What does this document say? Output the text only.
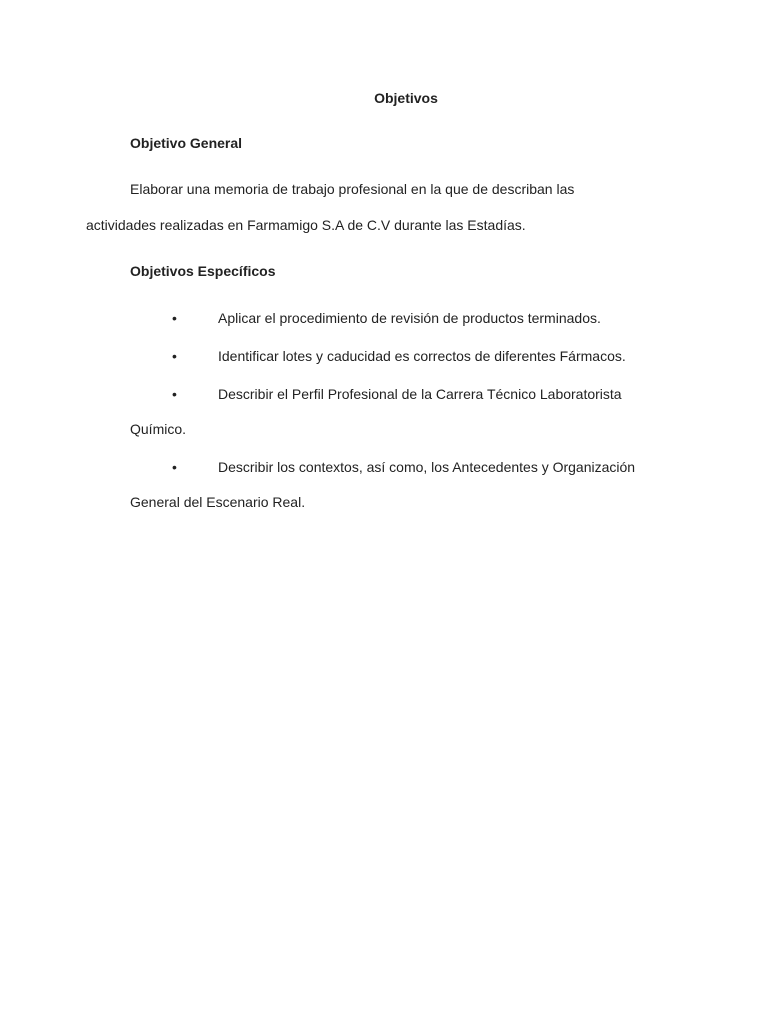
Objetivos
Objetivo General

Elaborar una memoria de trabajo profesional en la que de describan las

actividades realizadas en Farmamigo S.A de C.V durante las Estadías.

Objetivos Específicos
•	Aplicar el procedimiento de revisión de productos terminados.

•	Identificar lotes y caducidad es correctos de diferentes Fármacos.

•	Describir el Perfil Profesional de la Carrera Técnico Laboratorista

Químico.

•	Describir los contextos, así como, los Antecedentes y Organización

General del Escenario Real.
